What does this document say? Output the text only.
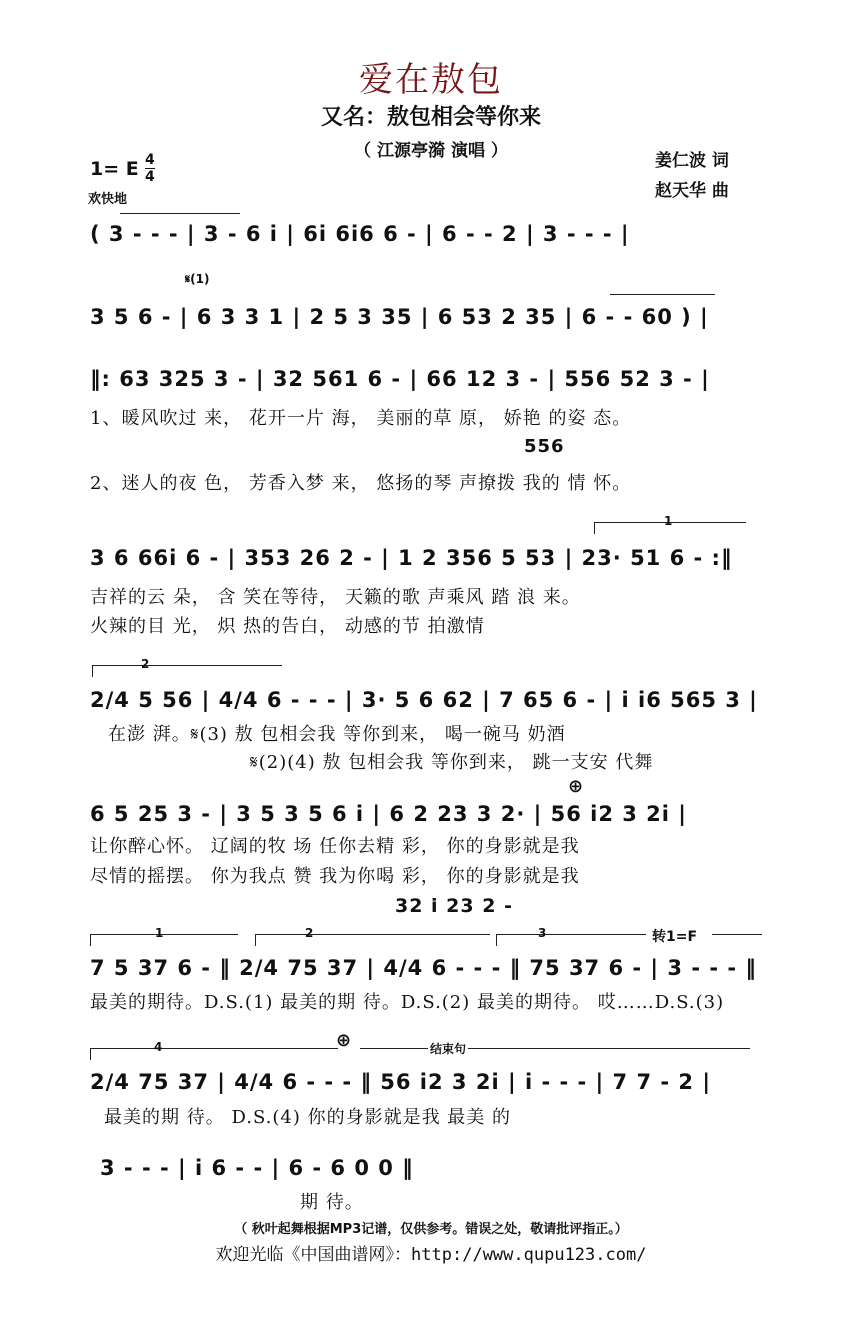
爱在敖包
又名：敖包相会等你来
（ 江源亭漪 演唱 ）	姜仁波 词
赵天华 曲
1= E 4
4
欢快地
( 3 - - - | 3 - 6 i | 6i 6i6 6 - | 6 - - 2 | 3 - - - |
𝄋(1)
3 5 6 - | 6 3 3 1 | 2 5 3 35 | 6 53 2 35 | 6 - - 60 ) |
‖: 63 325 3 - | 32 561 6 - | 66 12 3 - | 556 52 3 - |
1、暖风吹过 来， 花开一片 海， 美丽的草 原， 娇艳 的姿 态。
556
2、迷人的夜 色， 芳香入梦 来， 悠扬的琴 声撩拨 我的 情 怀。
1
3 6 66i 6 - | 353 26 2 - | 1 2 356 5 53 | 23· 51 6 - :‖
吉祥的云 朵， 含 笑在等待， 天籁的歌 声乘风 踏 浪 来。
火辣的目 光， 炽 热的告白， 动感的节 拍激情
2
2/4 5 56 | 4/4 6 - - - | 3· 5 6 62 | 7 65 6 - | i i6 565 3 |
在澎 湃。𝄋(3) 敖 包相会我 等你到来， 喝一碗马 奶酒
𝄋(2)(4) 敖 包相会我 等你到来， 跳一支安 代舞
⊕
6 5 25 3 - | 3 5 3 5 6 i | 6 2 23 3 2· | 56 i2 3 2i |
让你醉心怀。 辽阔的牧 场 任你去精 彩， 你的身影就是我
尽情的摇摆。 你为我点 赞 我为你喝 彩， 你的身影就是我
32 i 23 2 -
1	2	3	转1=F
7 5 37 6 - ‖ 2/4 75 37 | 4/4 6 - - - ‖ 75 37 6 - | 3 - - - ‖
最美的期待。D.S.(1) 最美的期 待。D.S.(2) 最美的期待。 哎……D.S.(3)
4	⊕	结束句
2/4 75 37 | 4/4 6 - - - ‖ 56 i2 3 2i | i - - - | 7 7 - 2 |
最美的期 待。 D.S.(4) 你的身影就是我 最美 的
3 - - - | i 6 - - | 6 - 6 0 0 ‖
期 待。
（ 秋叶起舞根据MP3记谱，仅供参考。错误之处，敬请批评指正。）
欢迎光临《中国曲谱网》：http://www.qupu123.com/
